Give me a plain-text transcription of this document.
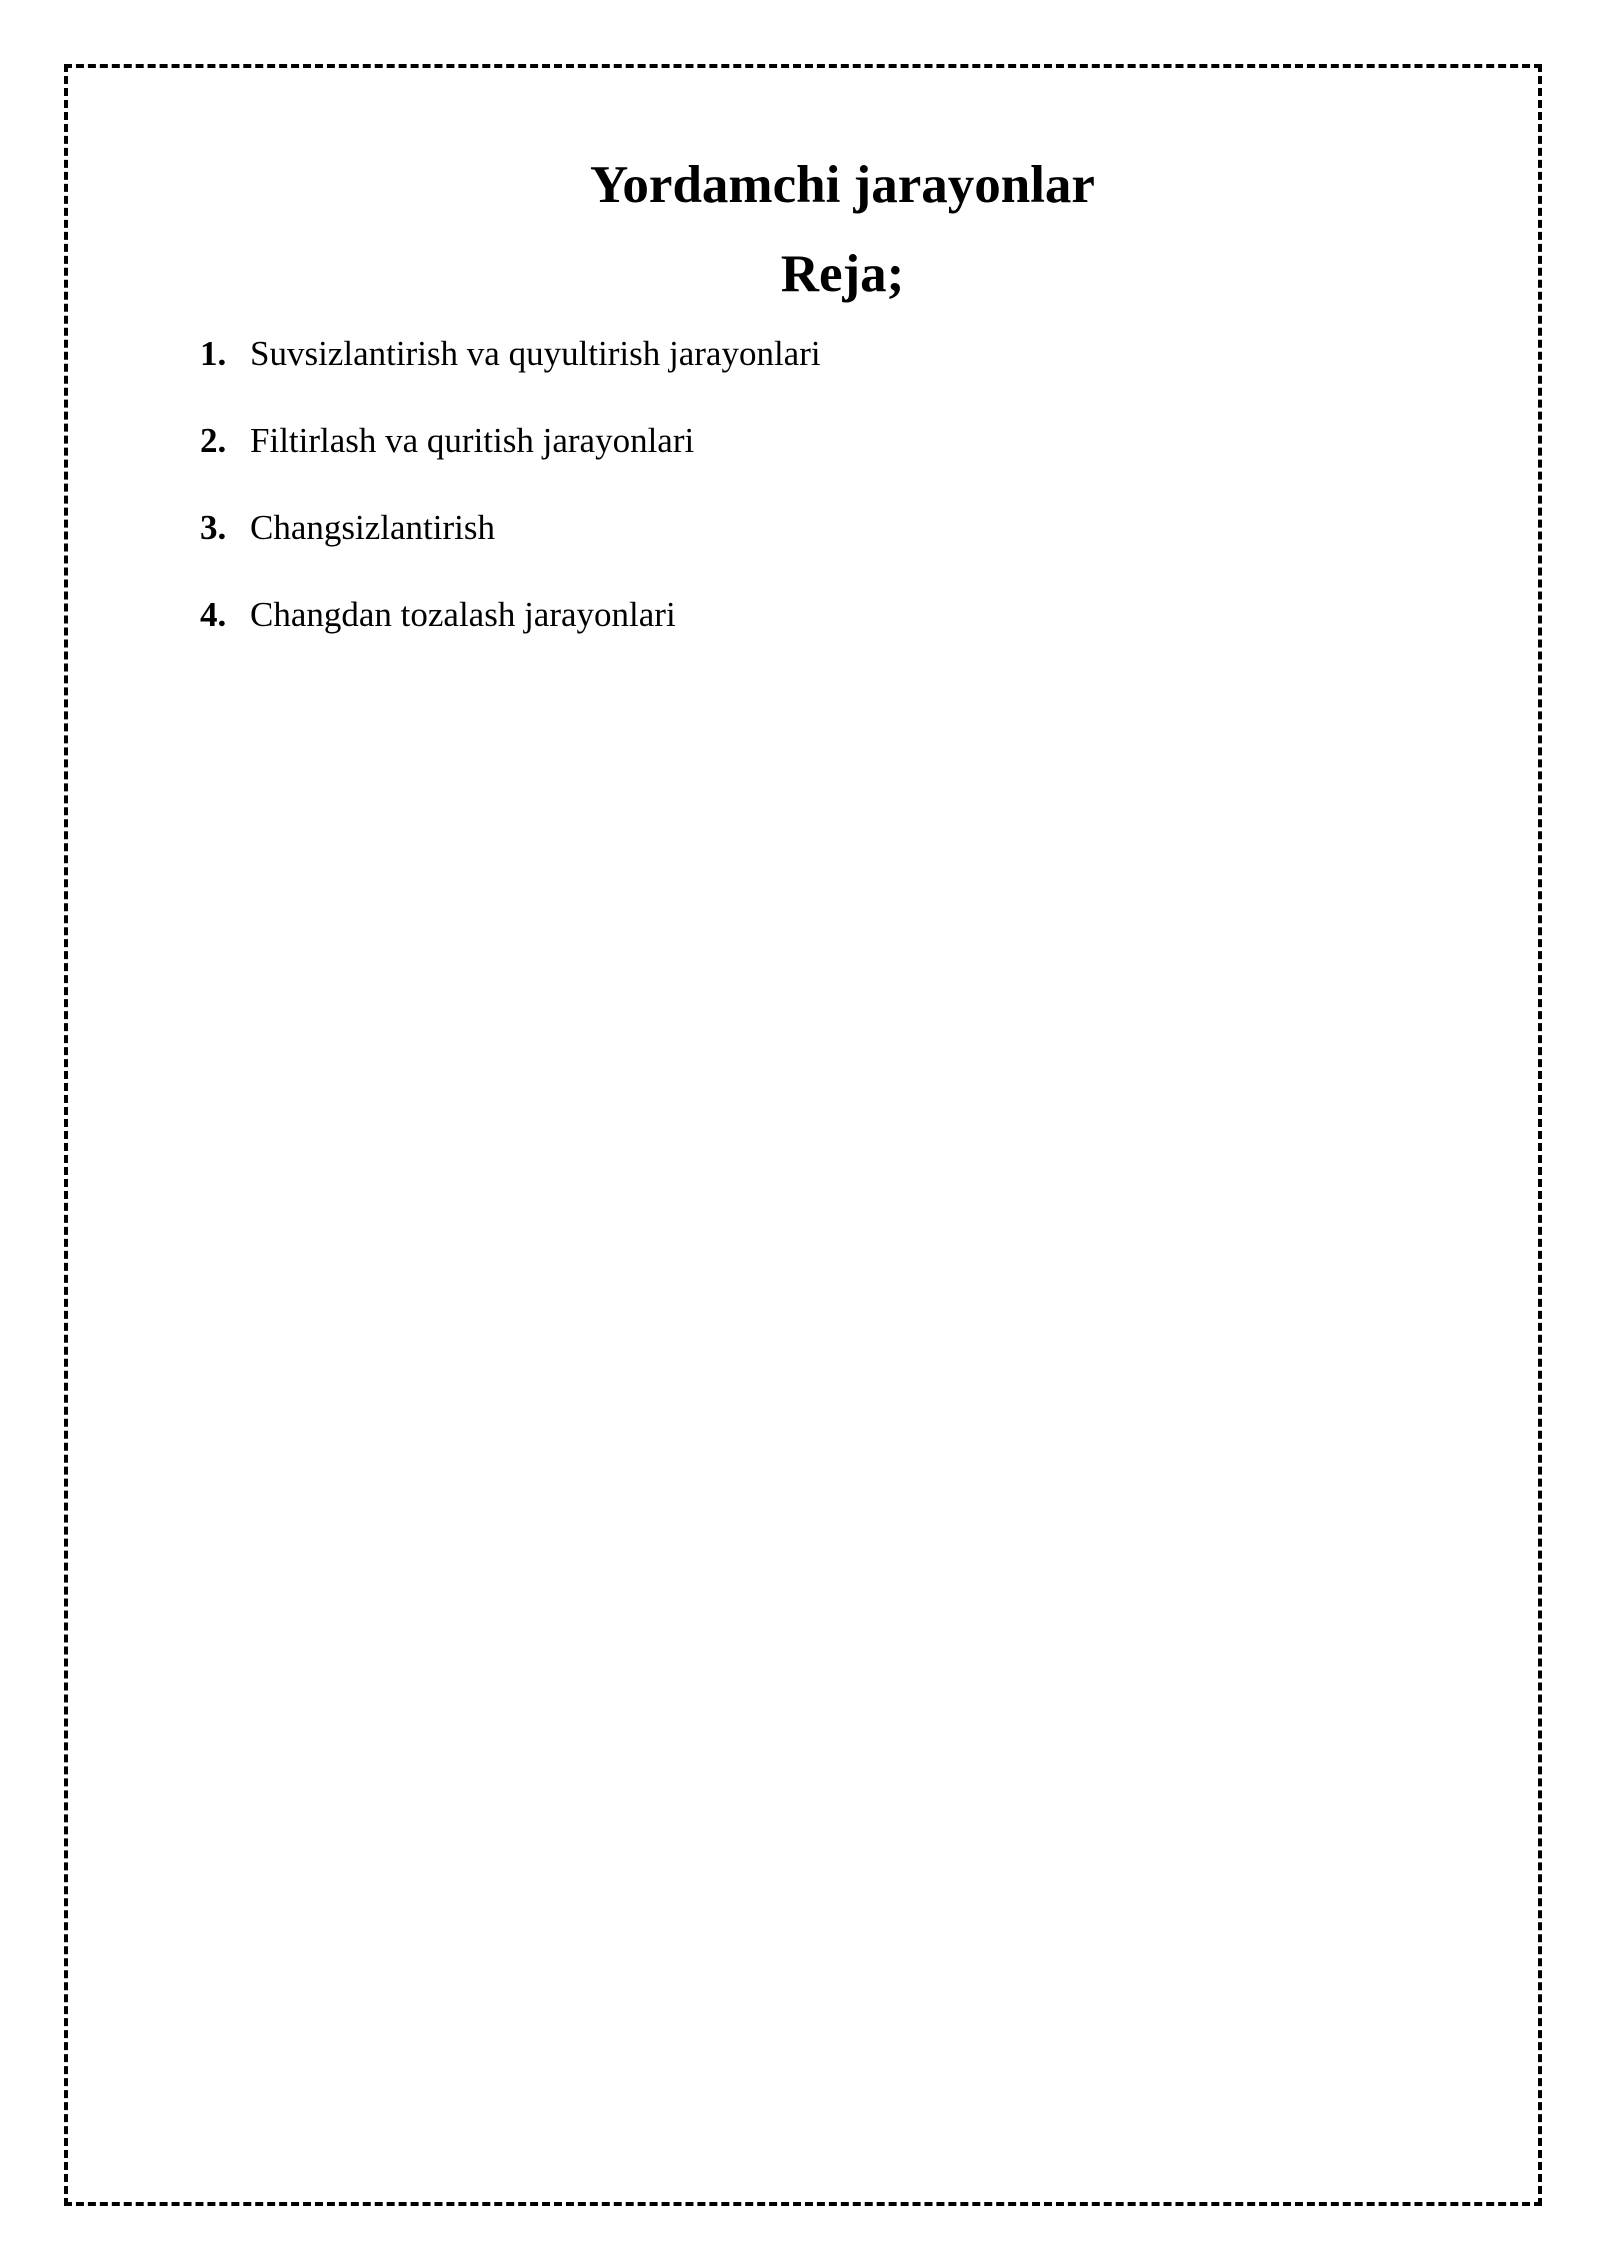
Yordamchi jarayonlar
Reja;
1. Suvsizlantirish va quyultirish jarayonlari
2. Filtirlash va quritish jarayonlari
3. Changsizlantirish
4. Changdan tozalash jarayonlari
